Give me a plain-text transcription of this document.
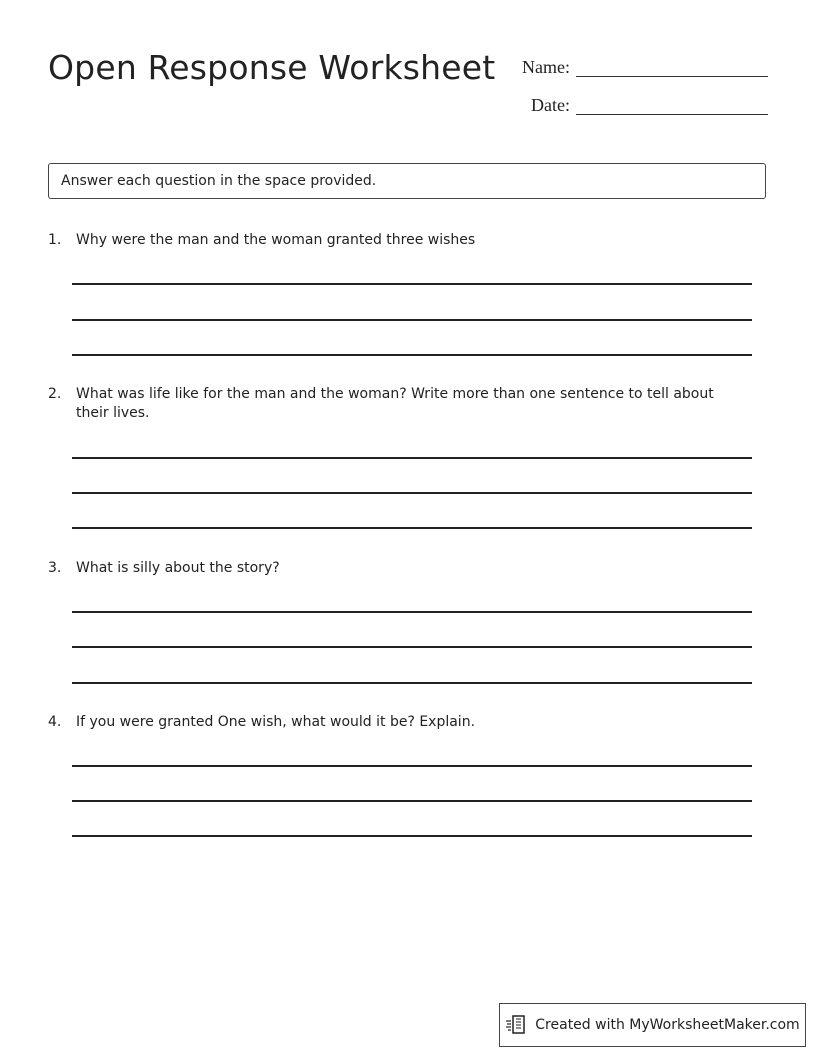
Open Response Worksheet Name:
Date:
Answer each question in the space provided.
1.	Why were the man and the woman granted three wishes
2.	What was life like for the man and the woman? Write more than one sentence to tell about their lives.
3.	What is silly about the story?
4.	If you were granted One wish, what would it be? Explain.
Created with MyWorksheetMaker.com
